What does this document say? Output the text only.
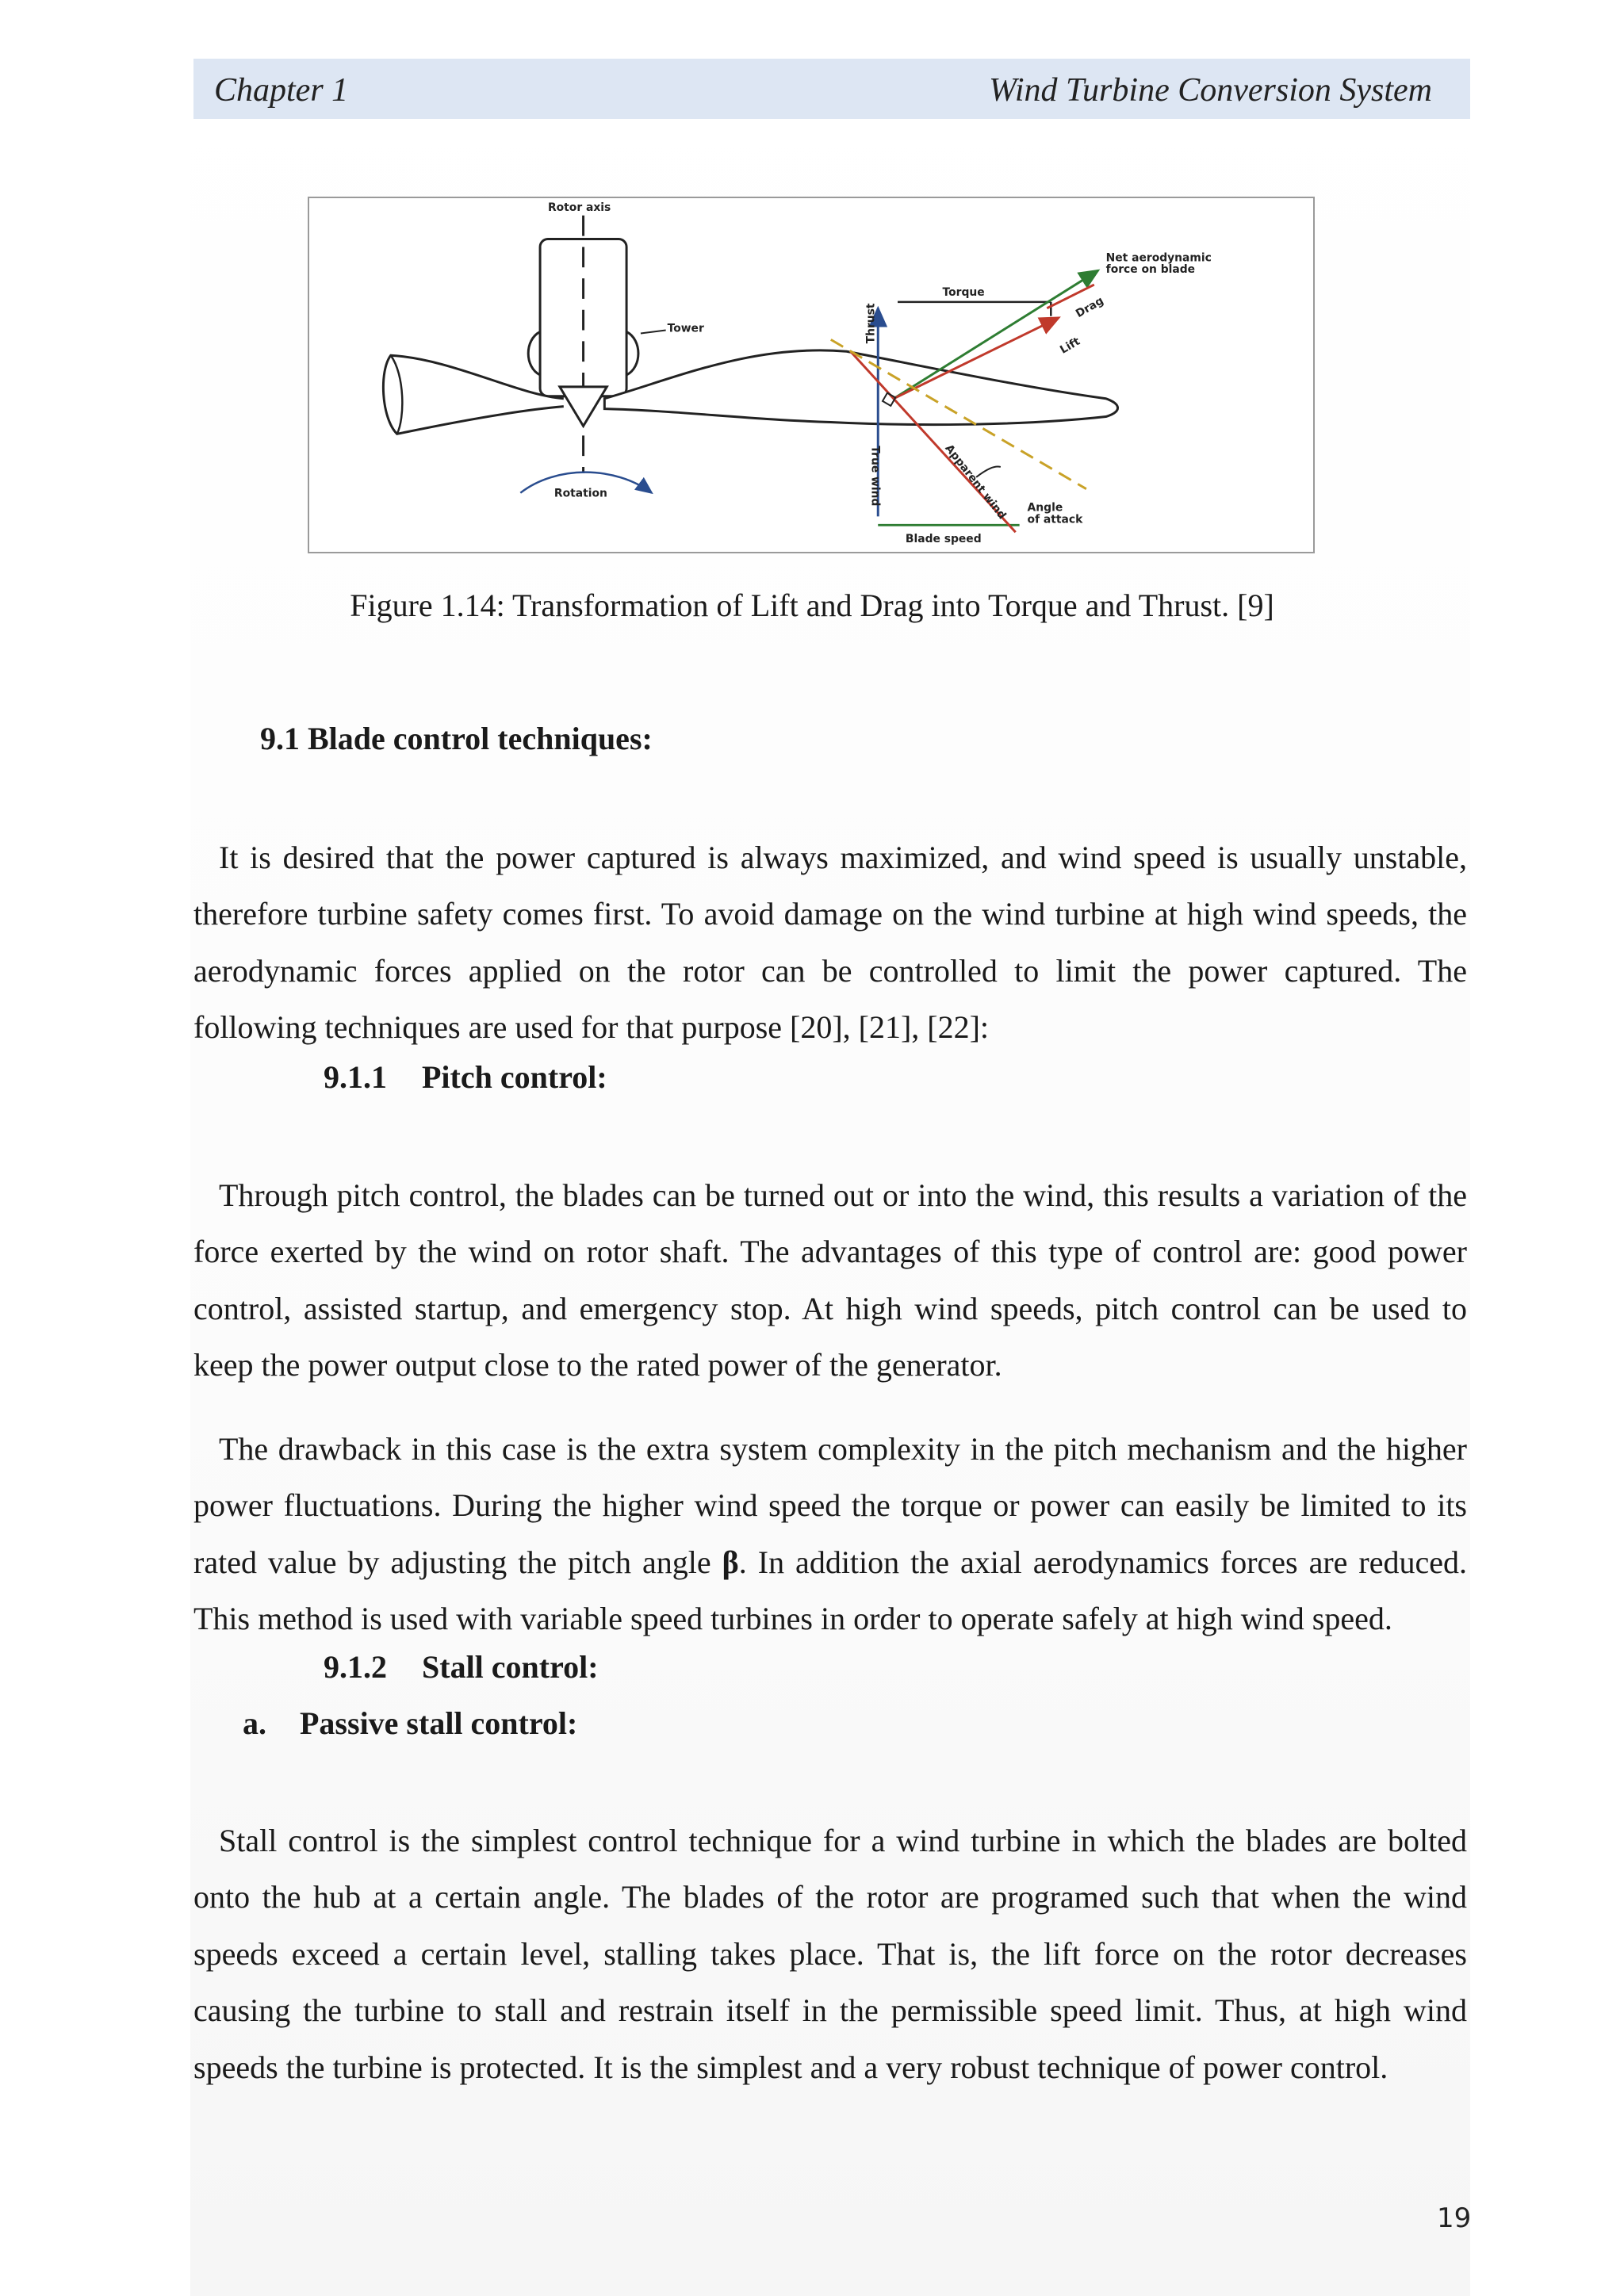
Chapter 1	Wind Turbine Conversion System
Rotor axis
Tower
Rotation
Thrust
True wind
Blade speed
Torque
Net aerodynamic
force on blade
Lift
Drag
Apparent wind Angle
of attack
Figure 1.14: Transformation of Lift and Drag into Torque and Thrust. [9]
9.1 Blade control techniques:

It is desired that the power captured is always maximized, and wind speed is usually unstable, therefore turbine safety comes first. To avoid damage on the wind turbine at high wind speeds, the aerodynamic forces applied on the rotor can be controlled to limit the power captured. The following techniques are used for that purpose [20], [21], [22]:

9.1.1 Pitch control:

Through pitch control, the blades can be turned out or into the wind, this results a variation of the force exerted by the wind on rotor shaft. The advantages of this type of control are: good power control, assisted startup, and emergency stop. At high wind speeds, pitch control can be used to keep the power output close to the rated power of the generator.

The drawback in this case is the extra system complexity in the pitch mechanism and the higher power fluctuations. During the higher wind speed the torque or power can easily be limited to its rated value by adjusting the pitch angle β. In addition the axial aerodynamics forces are reduced. This method is used with variable speed turbines in order to operate safely at high wind speed.

9.1.2 Stall control:
a. Passive stall control:

Stall control is the simplest control technique for a wind turbine in which the blades are bolted onto the hub at a certain angle. The blades of the rotor are programed such that when the wind speeds exceed a certain level, stalling takes place. That is, the lift force on the rotor decreases causing the turbine to stall and restrain itself in the permissible speed limit. Thus, at high wind speeds the turbine is protected. It is the simplest and a very robust technique of power control.

19
